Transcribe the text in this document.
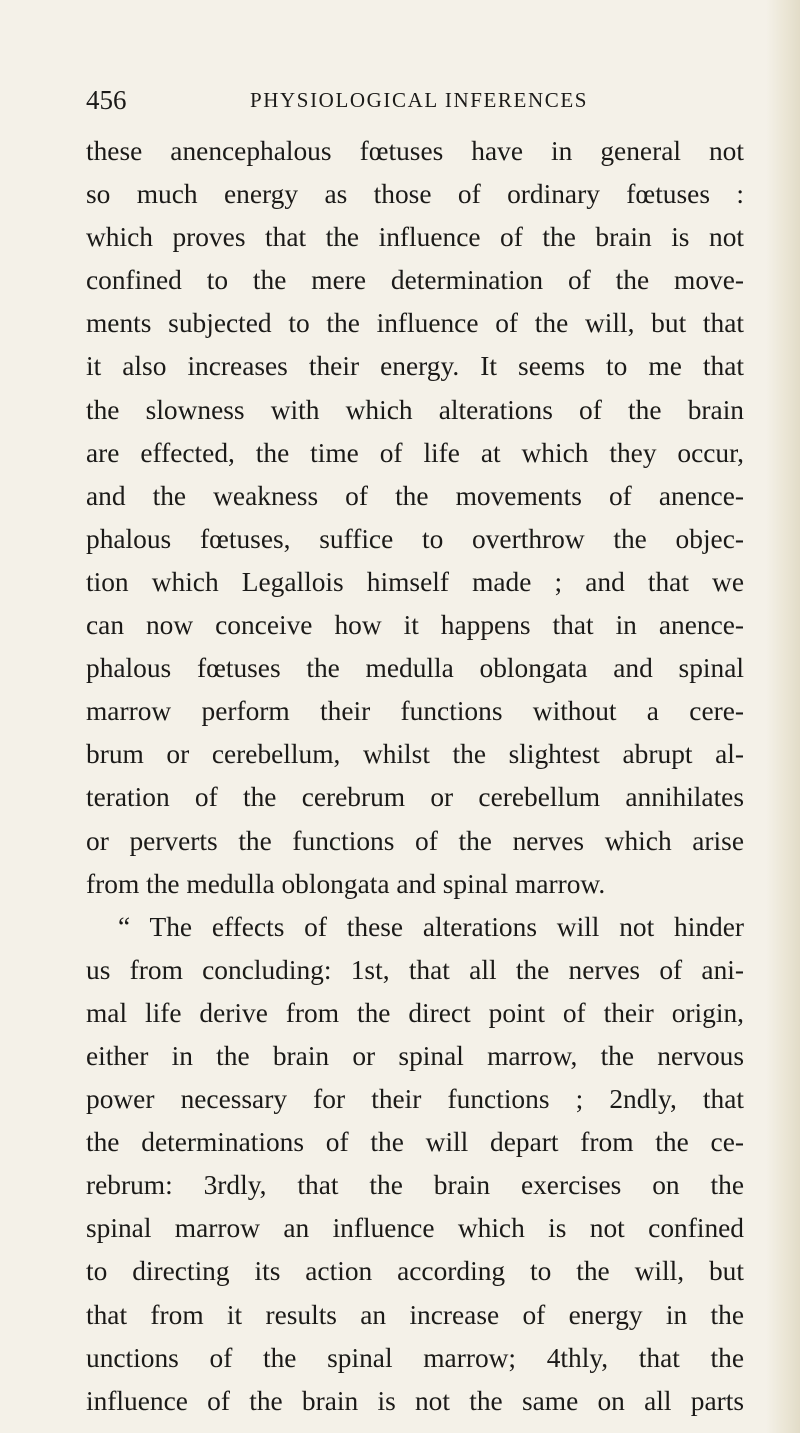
456	PHYSIOLOGICAL INFERENCES
these anencephalous fœtuses have in general not
so much energy as those of ordinary fœtuses :
which proves that the influence of the brain is not
confined to the mere determination of the move-
ments subjected to the influence of the will, but that
it also increases their energy. It seems to me that
the slowness with which alterations of the brain
are effected, the time of life at which they occur,
and the weakness of the movements of anence-
phalous fœtuses, suffice to overthrow the objec-
tion which Legallois himself made ; and that we
can now conceive how it happens that in anence-
phalous fœtuses the medulla oblongata and spinal
marrow perform their functions without a cere-
brum or cerebellum, whilst the slightest abrupt al-
teration of the cerebrum or cerebellum annihilates
or perverts the functions of the nerves which arise
from the medulla oblongata and spinal marrow.
“ The effects of these alterations will not hinder
us from concluding: 1st, that all the nerves of ani-
mal life derive from the direct point of their origin,
either in the brain or spinal marrow, the nervous
power necessary for their functions ; 2ndly, that
the determinations of the will depart from the ce-
rebrum: 3rdly, that the brain exercises on the
spinal marrow an influence which is not confined
to directing its action according to the will, but
that from it results an increase of energy in the
unctions of the spinal marrow; 4thly, that the
influence of the brain is not the same on all parts
